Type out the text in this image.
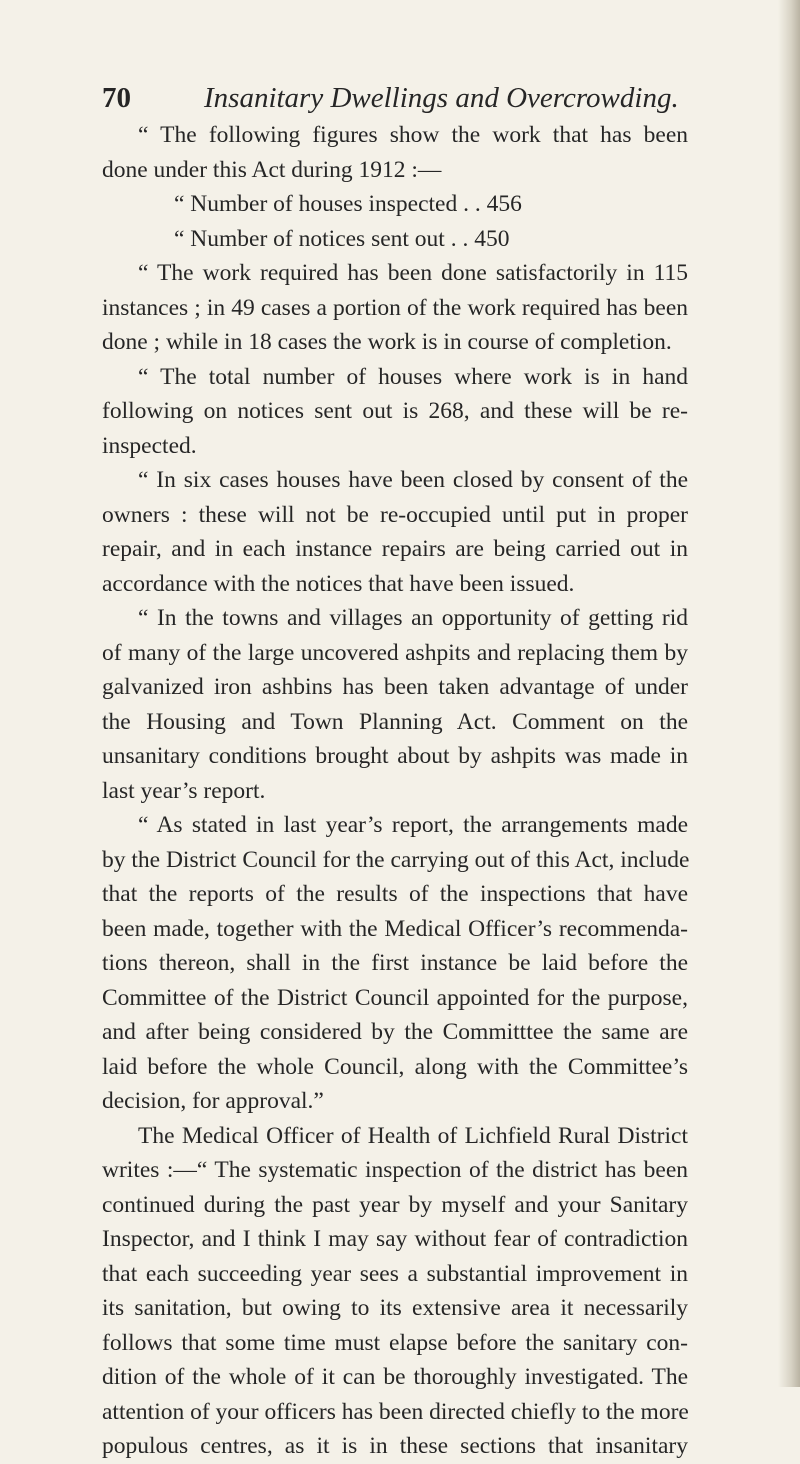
70	Insanitary Dwellings and Overcrowding.
“ The following figures show the work that has been
done under this Act during 1912 :—
“ Number of houses inspected . . 456
“ Number of notices sent out . . 450
“ The work required has been done satisfactorily in 115
instances ; in 49 cases a portion of the work required has been
done ; while in 18 cases the work is in course of completion.
“ The total number of houses where work is in hand
following on notices sent out is 268, and these will be re-
inspected.
“ In six cases houses have been closed by consent of the
owners : these will not be re-occupied until put in proper
repair, and in each instance repairs are being carried out in
accordance with the notices that have been issued.
“ In the towns and villages an opportunity of getting rid
of many of the large uncovered ashpits and replacing them by
galvanized iron ashbins has been taken advantage of under
the Housing and Town Planning Act. Comment on the
unsanitary conditions brought about by ashpits was made in
last year’s report.
“ As stated in last year’s report, the arrangements made
by the District Council for the carrying out of this Act, include
that the reports of the results of the inspections that have
been made, together with the Medical Officer’s recommenda-
tions thereon, shall in the first instance be laid before the
Committee of the District Council appointed for the purpose,
and after being considered by the Committtee the same are
laid before the whole Council, along with the Committee’s
decision, for approval.”
The Medical Officer of Health of Lichfield Rural District
writes :—“ The systematic inspection of the district has been
continued during the past year by myself and your Sanitary
Inspector, and I think I may say without fear of contradiction
that each succeeding year sees a substantial improvement in
its sanitation, but owing to its extensive area it necessarily
follows that some time must elapse before the sanitary con-
dition of the whole of it can be thoroughly investigated. The
attention of your officers has been directed chiefly to the more
populous centres, as it is in these sections that insanitary
